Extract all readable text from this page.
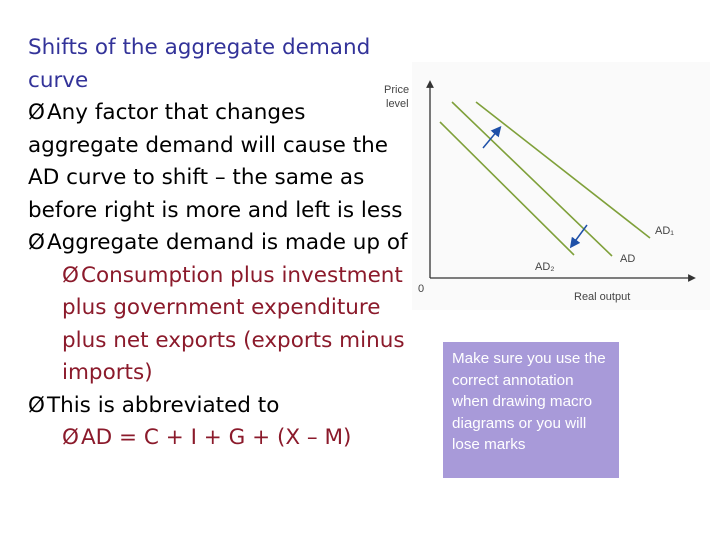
Shifts of the aggregate demand curve
ØAny factor that changes aggregate demand will cause the AD curve to shift – the same as before right is more and left is less
ØAggregate demand is made up of
ØConsumption plus investment plus government expenditure plus net exports (exports minus imports)
ØThis is abbreviated to
ØAD = C + I + G + (X – M)
Price
level
0
Real output
AD₁
AD
AD₂
Make sure you use the correct annotation when drawing macro diagrams or you will lose marks
